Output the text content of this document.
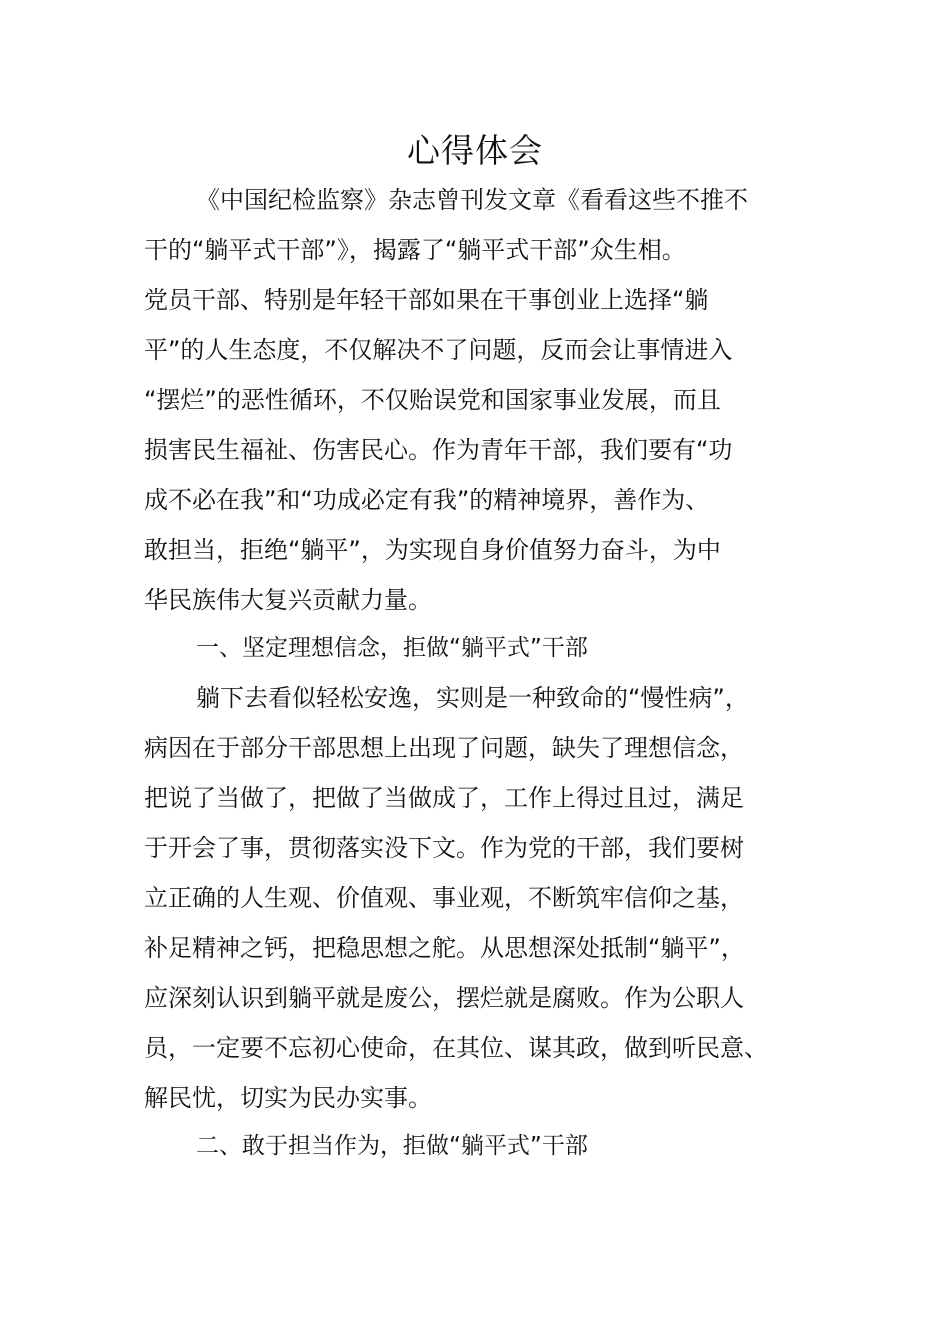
心得体会
《中国纪检监察》杂志曾刊发文章《看看这些不推不
干的“躺平式干部”》，揭露了“躺平式干部”众生相。
党员干部、特别是年轻干部如果在干事创业上选择“躺
平”的人生态度，不仅解决不了问题，反而会让事情进入
“摆烂”的恶性循环，不仅贻误党和国家事业发展，而且
损害民生福祉、伤害民心。作为青年干部，我们要有“功
成不必在我”和“功成必定有我”的精神境界，善作为、
敢担当，拒绝“躺平”，为实现自身价值努力奋斗，为中
华民族伟大复兴贡献力量。
一、坚定理想信念，拒做“躺平式”干部
躺下去看似轻松安逸，实则是一种致命的“慢性病”，
病因在于部分干部思想上出现了问题，缺失了理想信念，
把说了当做了，把做了当做成了，工作上得过且过，满足
于开会了事，贯彻落实没下文。作为党的干部，我们要树
立正确的人生观、价值观、事业观，不断筑牢信仰之基，
补足精神之钙，把稳思想之舵。从思想深处抵制“躺平”，
应深刻认识到躺平就是废公，摆烂就是腐败。作为公职人
员，一定要不忘初心使命，在其位、谋其政，做到听民意、
解民忧，切实为民办实事。
二、敢于担当作为，拒做“躺平式”干部
